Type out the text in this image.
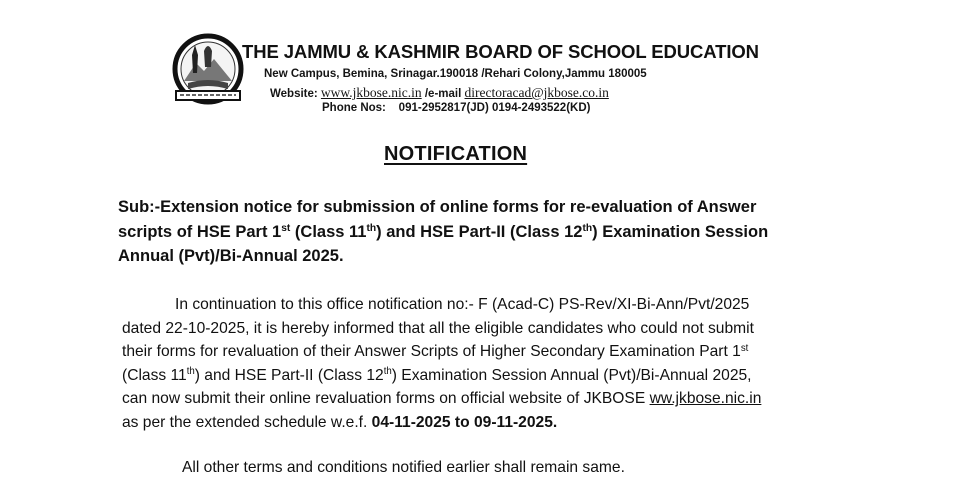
THE JAMMU & KASHMIR BOARD OF SCHOOL EDUCATION
New Campus, Bemina, Srinagar.190018 /Rehari Colony,Jammu 180005
Website: www.jkbose.nic.in /e-mail directoracad@jkbose.co.in
Phone Nos: 091-2952817(JD) 0194-2493522(KD)
NOTIFICATION
Sub:-Extension notice for submission of online forms for re-evaluation of Answer
scripts of HSE Part 1st (Class 11th) and HSE Part-II (Class 12th) Examination Session
Annual (Pvt)/Bi-Annual 2025.
In continuation to this office notification no:- F (Acad-C) PS-Rev/XI-Bi-Ann/Pvt/2025
dated 22-10-2025, it is hereby informed that all the eligible candidates who could not submit
their forms for revaluation of their Answer Scripts of Higher Secondary Examination Part 1st
(Class 11th) and HSE Part-II (Class 12th) Examination Session Annual (Pvt)/Bi-Annual 2025,
can now submit their online revaluation forms on official website of JKBOSE ww.jkbose.nic.in
as per the extended schedule w.e.f. 04-11-2025 to 09-11-2025.
All other terms and conditions notified earlier shall remain same.
